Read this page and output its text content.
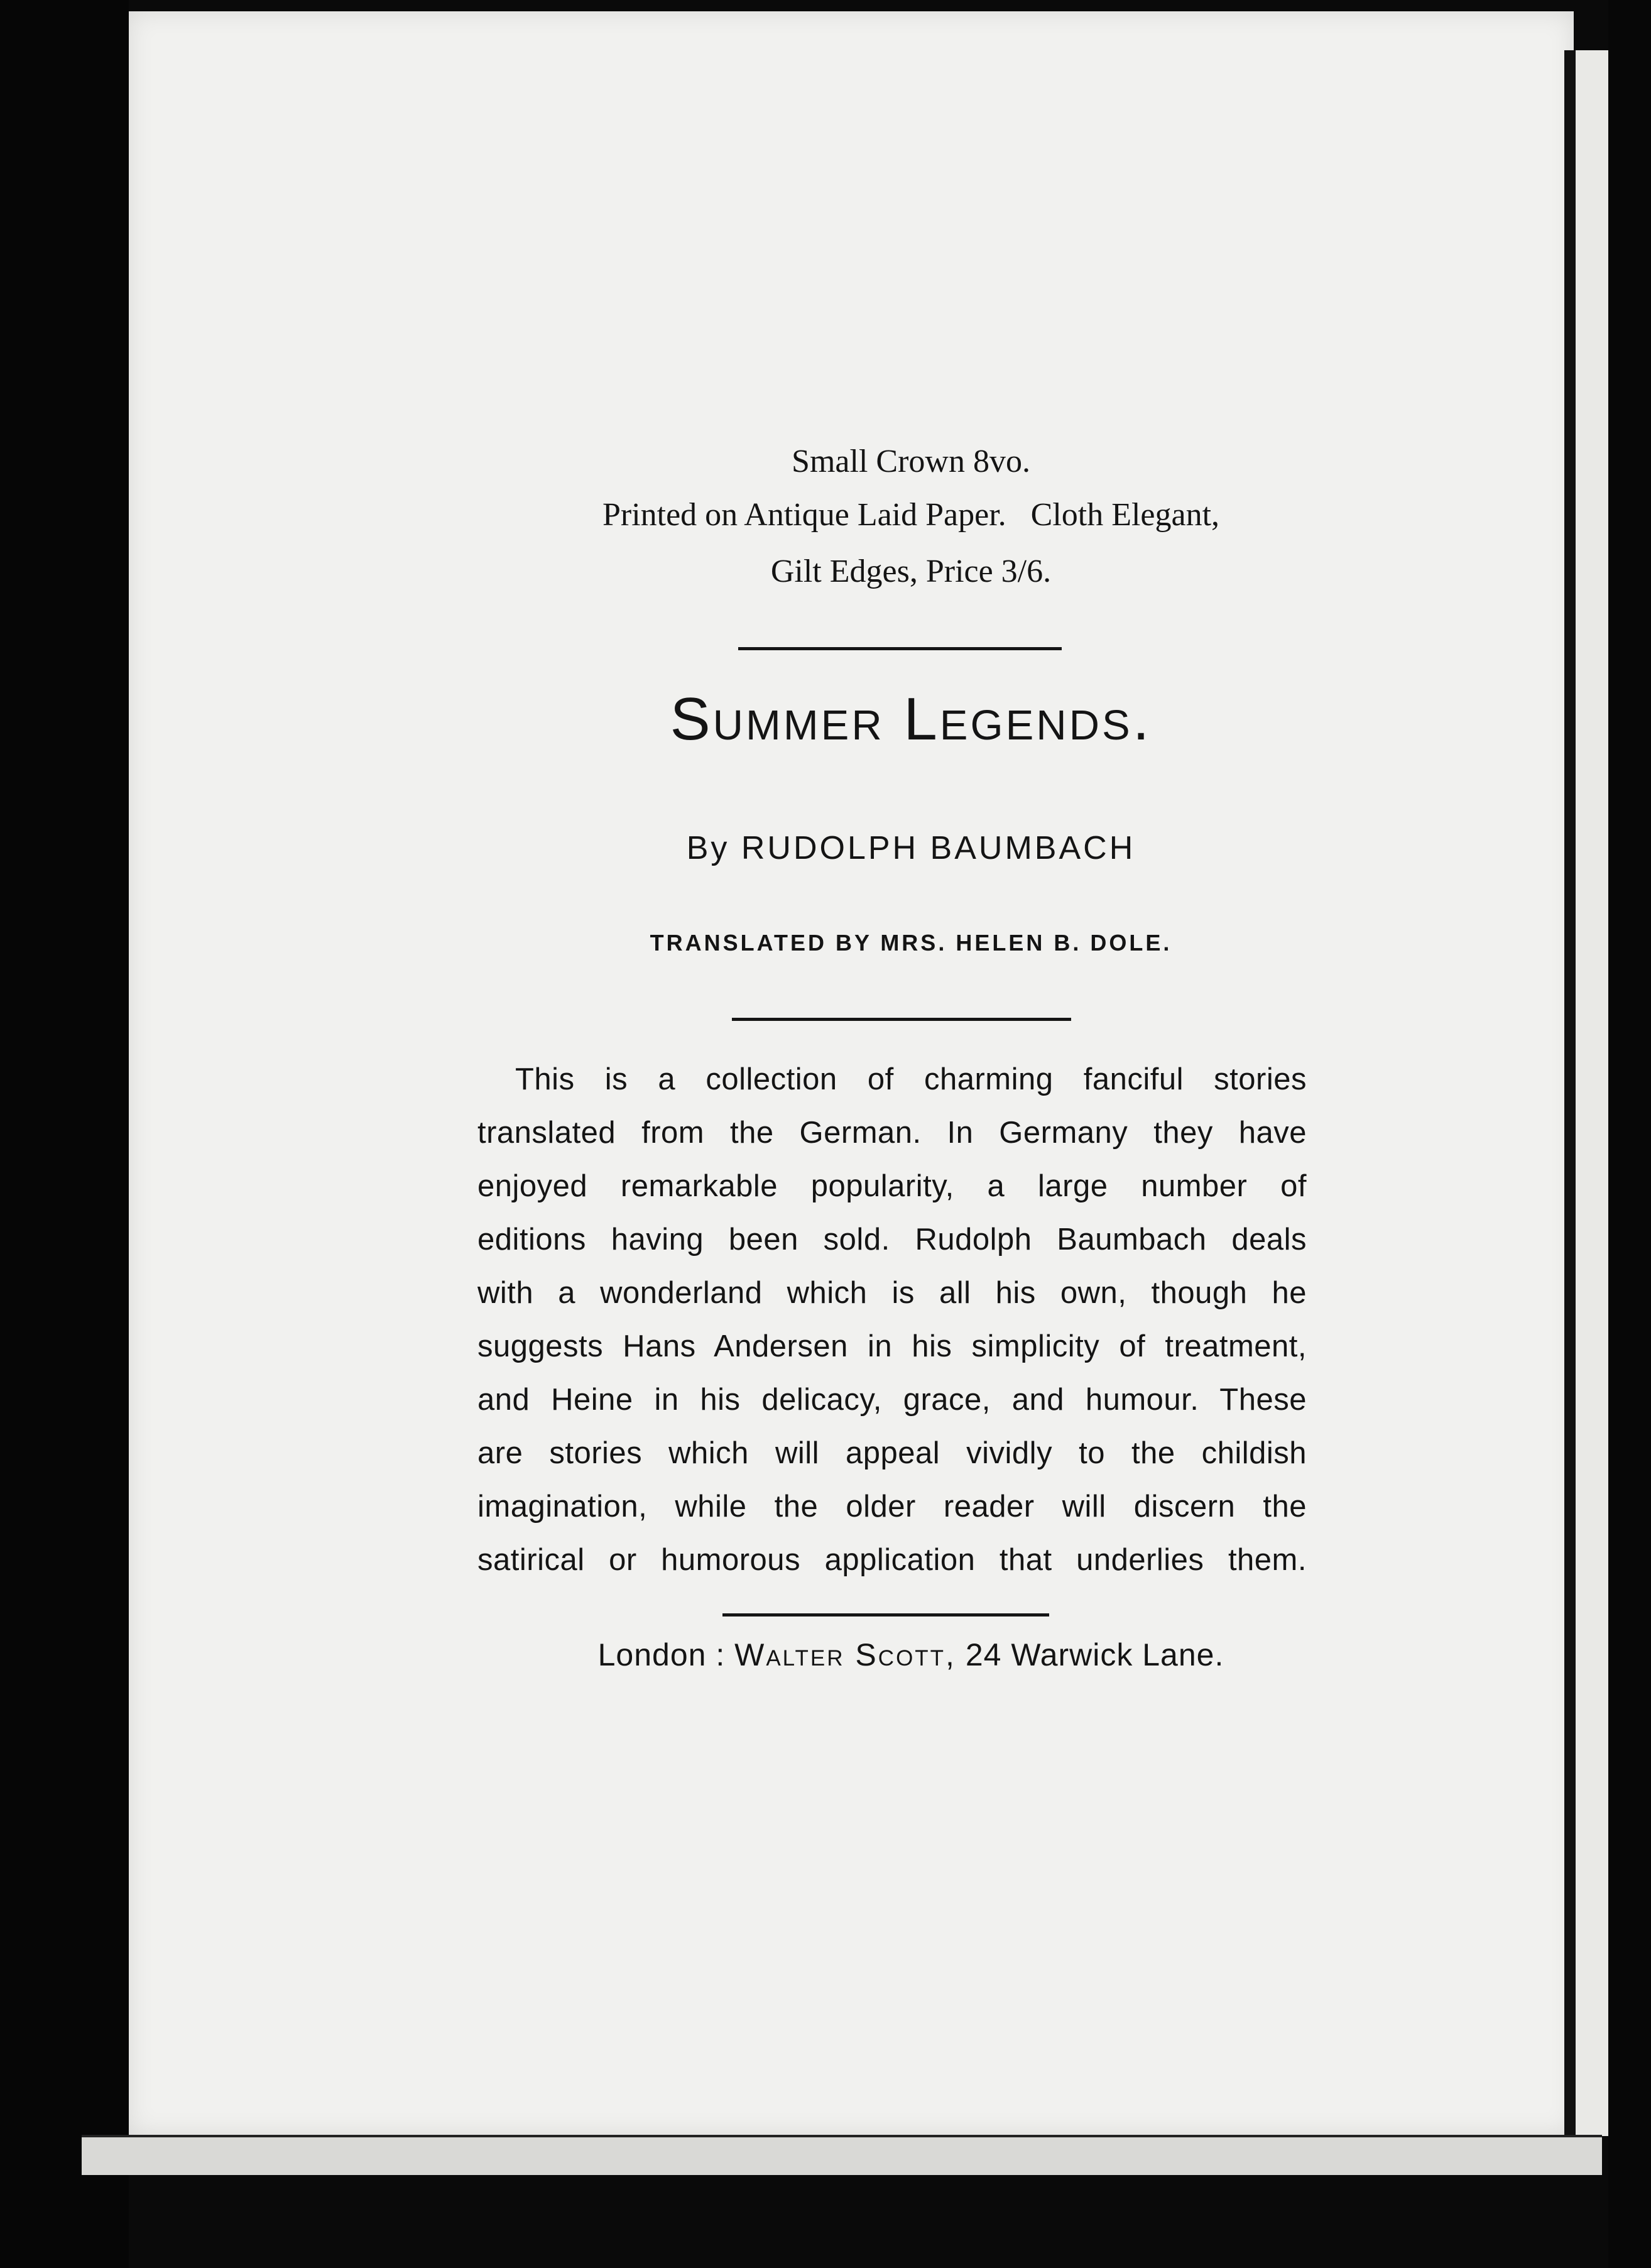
Small Crown 8vo.
Printed on Antique Laid Paper.   Cloth Elegant,
Gilt Edges, Price 3/6.
Summer Legends.
By RUDOLPH BAUMBACH
TRANSLATED BY MRS. HELEN B. DOLE.
This is a collection of charming fanciful stories
translated from the German. In Germany they have
enjoyed remarkable popularity, a large number of
editions having been sold. Rudolph Baumbach deals
with a wonderland which is all his own, though he
suggests Hans Andersen in his simplicity of treatment,
and Heine in his delicacy, grace, and humour. These
are stories which will appeal vividly to the childish
imagination, while the older reader will discern the
satirical or humorous application that underlies them.
London : Walter Scott, 24 Warwick Lane.
